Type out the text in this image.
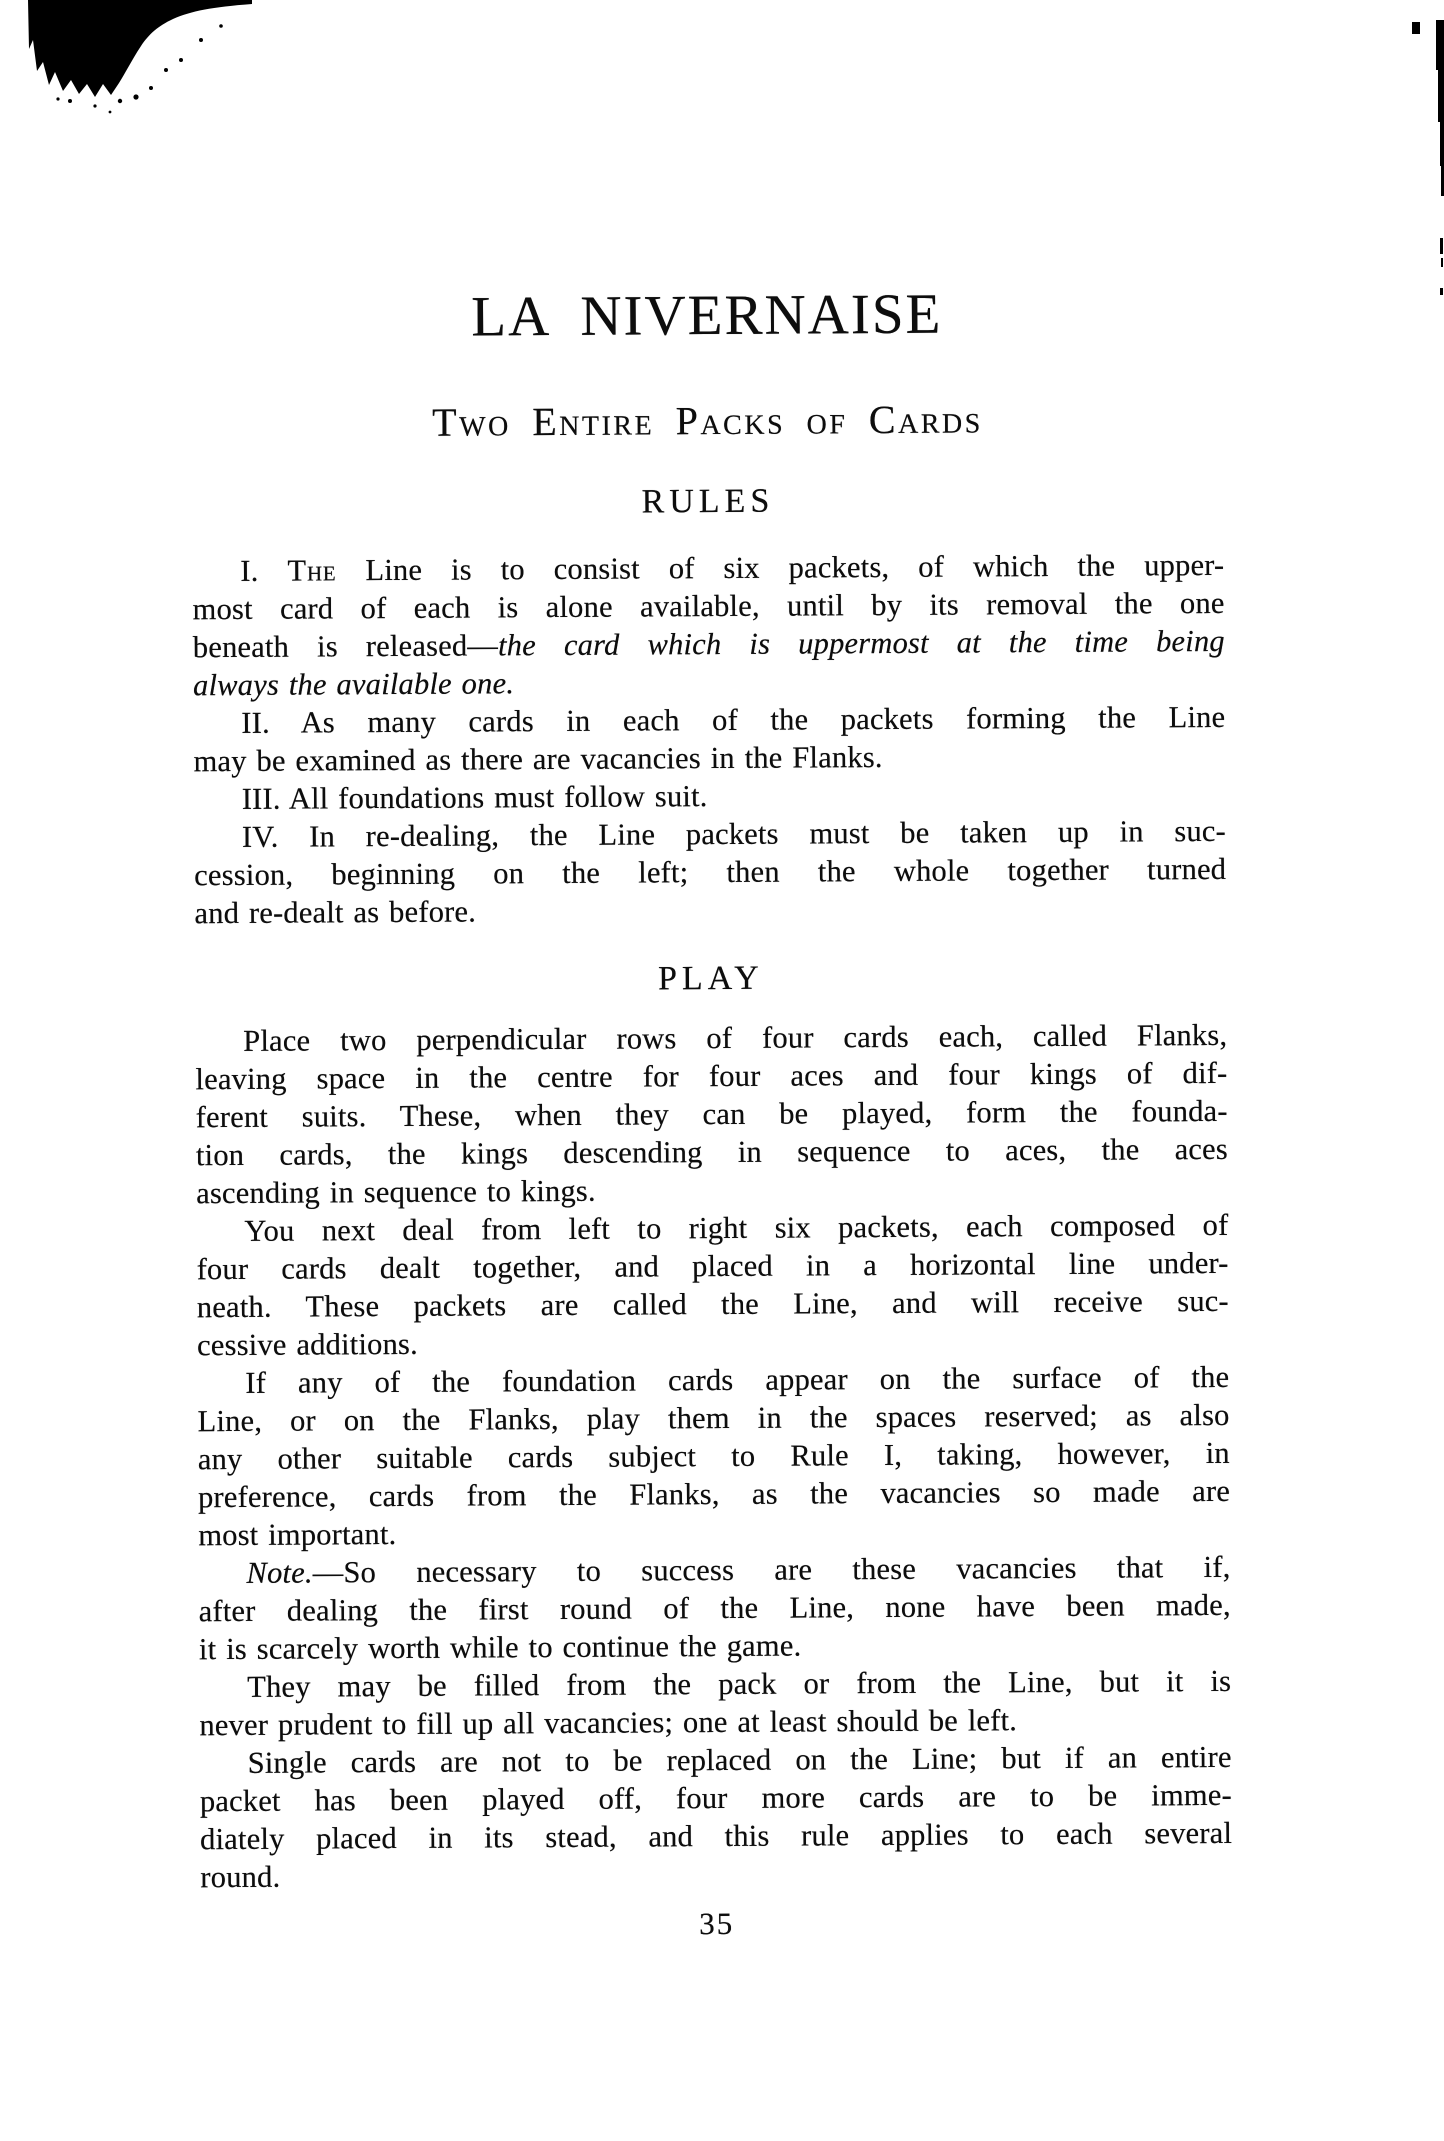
LA NIVERNAISE
Two Entire Packs of Cards
RULES
I. The Line is to consist of six packets, of which the upper-
most card of each is alone available, until by its removal the one
beneath is released—the card which is uppermost at the time being
always the available one.
II. As many cards in each of the packets forming the Line
may be examined as there are vacancies in the Flanks.
III. All foundations must follow suit.
IV. In re-dealing, the Line packets must be taken up in suc-
cession, beginning on the left; then the whole together turned
and re-dealt as before.
PLAY
Place two perpendicular rows of four cards each, called Flanks,
leaving space in the centre for four aces and four kings of dif-
ferent suits. These, when they can be played, form the founda-
tion cards, the kings descending in sequence to aces, the aces
ascending in sequence to kings.
You next deal from left to right six packets, each composed of
four cards dealt together, and placed in a horizontal line under-
neath. These packets are called the Line, and will receive suc-
cessive additions.
If any of the foundation cards appear on the surface of the
Line, or on the Flanks, play them in the spaces reserved; as also
any other suitable cards subject to Rule I, taking, however, in
preference, cards from the Flanks, as the vacancies so made are
most important.
Note.—So necessary to success are these vacancies that if,
after dealing the first round of the Line, none have been made,
it is scarcely worth while to continue the game.
They may be filled from the pack or from the Line, but it is
never prudent to fill up all vacancies; one at least should be left.
Single cards are not to be replaced on the Line; but if an entire
packet has been played off, four more cards are to be imme-
diately placed in its stead, and this rule applies to each several
round.
35
